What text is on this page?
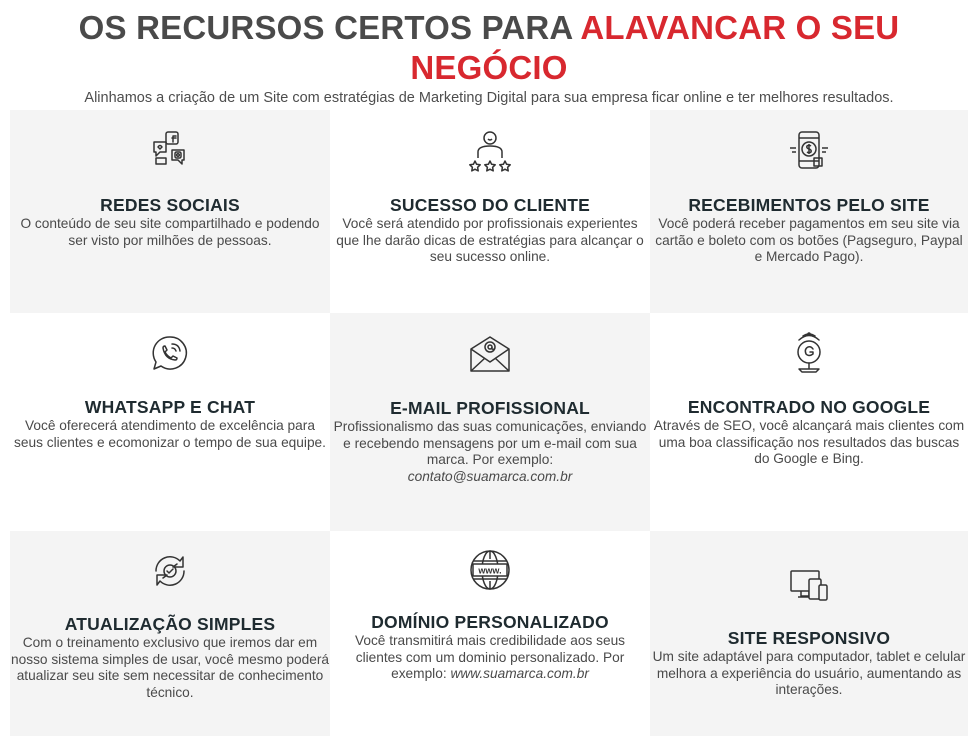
OS RECURSOS CERTOS PARA ALAVANCAR O SEU NEGÓCIO

Alinhamos a criação de um Site com estratégias de Marketing Digital para sua empresa ficar online e ter melhores resultados.

REDES SOCIAIS

O conteúdo de seu site compartilhado e podendo ser visto por milhões de pessoas.

SUCESSO DO CLIENTE

Você será atendido por profissionais experientes que lhe darão dicas de estratégias para alcançar o seu sucesso online.

RECEBIMENTOS PELO SITE

Você poderá receber pagamentos em seu site via cartão e boleto com os botões (Pagseguro, Paypal e Mercado Pago).

WHATSAPP E CHAT

Você oferecerá atendimento de excelência para seus clientes e ecomonizar o tempo de sua equipe.

E-MAIL PROFISSIONAL

Profissionalismo das suas comunicações, enviando e recebendo mensagens por um e-mail com sua marca. Por exemplo:
contato@suamarca.com.br

ENCONTRADO NO GOOGLE

Através de SEO, você alcançará mais clientes com uma boa classificação nos resultados das buscas do Google e Bing.

ATUALIZAÇÃO SIMPLES

Com o treinamento exclusivo que iremos dar em nosso sistema simples de usar, você mesmo poderá atualizar seu site sem necessitar de conhecimento técnico.

www.
DOMÍNIO PERSONALIZADO

Você transmitirá mais credibilidade aos seus clientes com um dominio personalizado. Por exemplo: www.suamarca.com.br

SITE RESPONSIVO

Um site adaptável para computador, tablet e celular melhora a experiência do usuário, aumentando as interações.
